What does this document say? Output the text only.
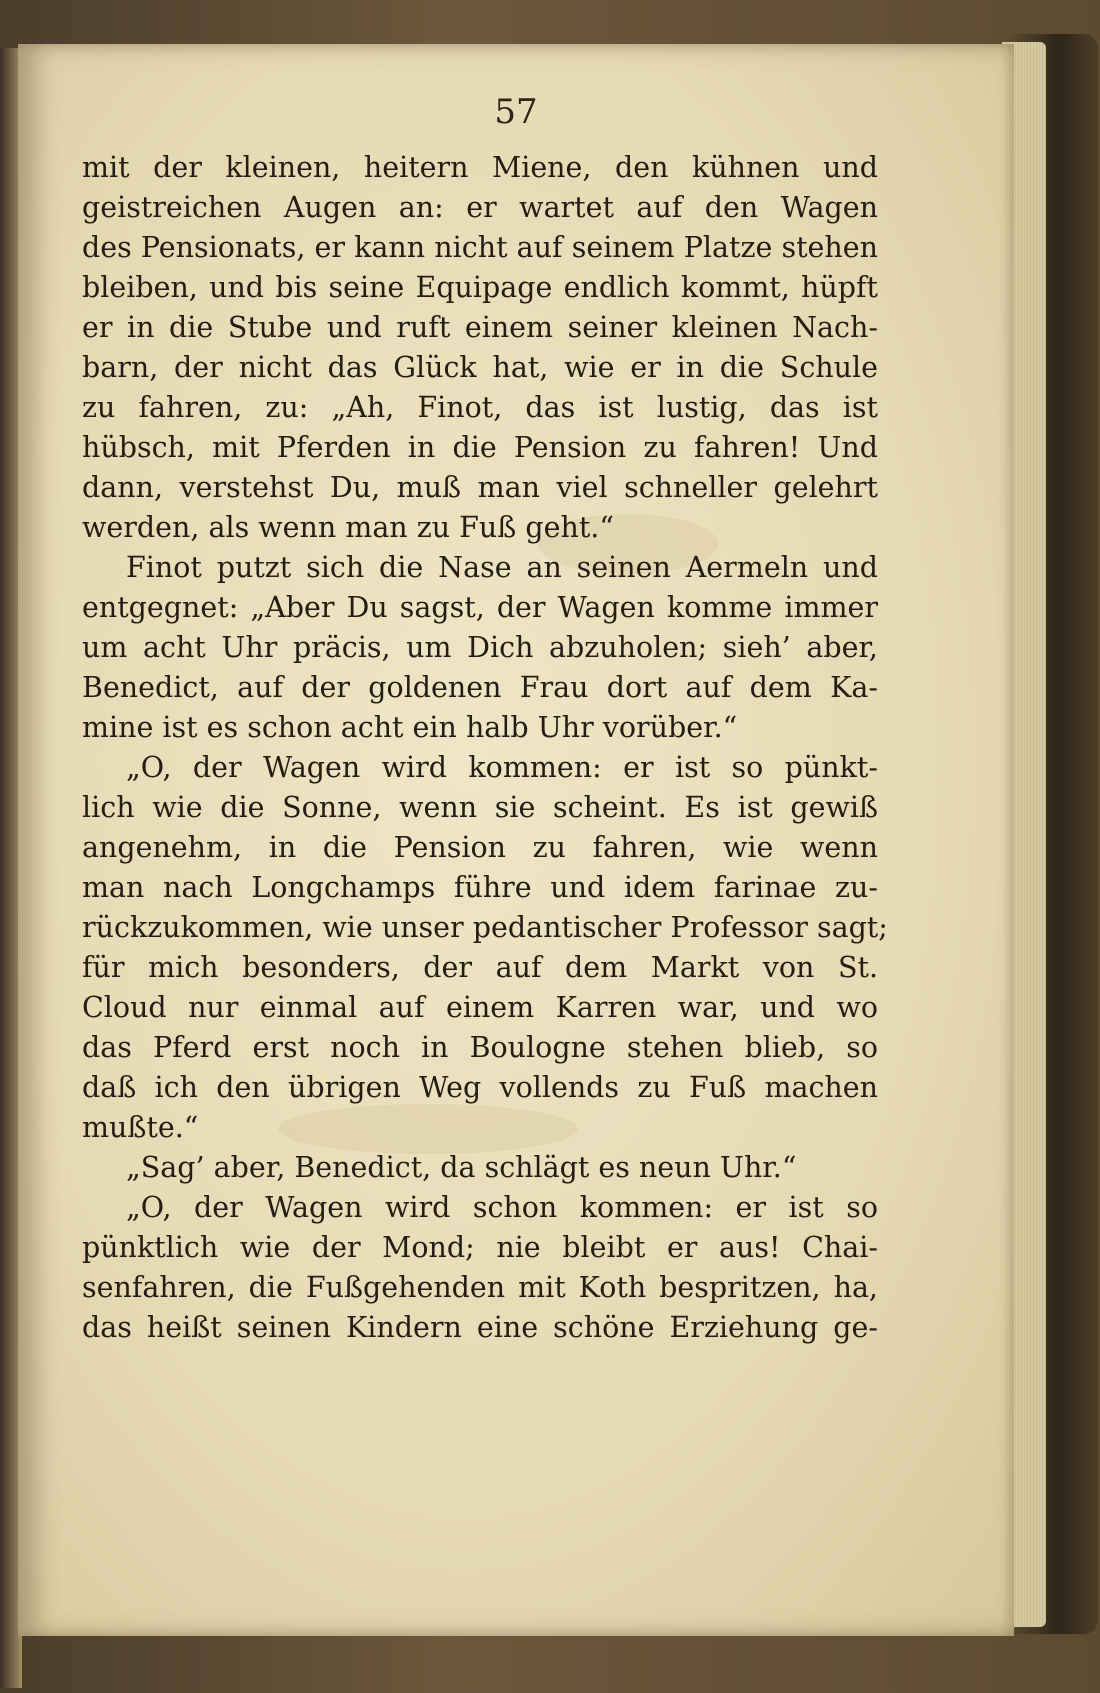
57
mit der kleinen, heitern Miene, den kühnen und
geistreichen Augen an: er wartet auf den Wagen
des Pensionats, er kann nicht auf seinem Platze stehen
bleiben, und bis seine Equipage endlich kommt, hüpft
er in die Stube und ruft einem seiner kleinen Nach-
barn, der nicht das Glück hat, wie er in die Schule
zu fahren, zu: „Ah, Finot, das ist lustig, das ist
hübsch, mit Pferden in die Pension zu fahren! Und
dann, verstehst Du, muß man viel schneller gelehrt
werden, als wenn man zu Fuß geht.“
Finot putzt sich die Nase an seinen Aermeln und
entgegnet: „Aber Du sagst, der Wagen komme immer
um acht Uhr präcis, um Dich abzuholen; sieh’ aber,
Benedict, auf der goldenen Frau dort auf dem Ka-
mine ist es schon acht ein halb Uhr vorüber.“
„O, der Wagen wird kommen: er ist so pünkt-
lich wie die Sonne, wenn sie scheint. Es ist gewiß
angenehm, in die Pension zu fahren, wie wenn
man nach Longchamps führe und idem farinae zu-
rückzukommen, wie unser pedantischer Professor sagt;
für mich besonders, der auf dem Markt von St.
Cloud nur einmal auf einem Karren war, und wo
das Pferd erst noch in Boulogne stehen blieb, so
daß ich den übrigen Weg vollends zu Fuß machen
mußte.“
„Sag’ aber, Benedict, da schlägt es neun Uhr.“
„O, der Wagen wird schon kommen: er ist so
pünktlich wie der Mond; nie bleibt er aus! Chai-
senfahren, die Fußgehenden mit Koth bespritzen, ha,
das heißt seinen Kindern eine schöne Erziehung ge-
